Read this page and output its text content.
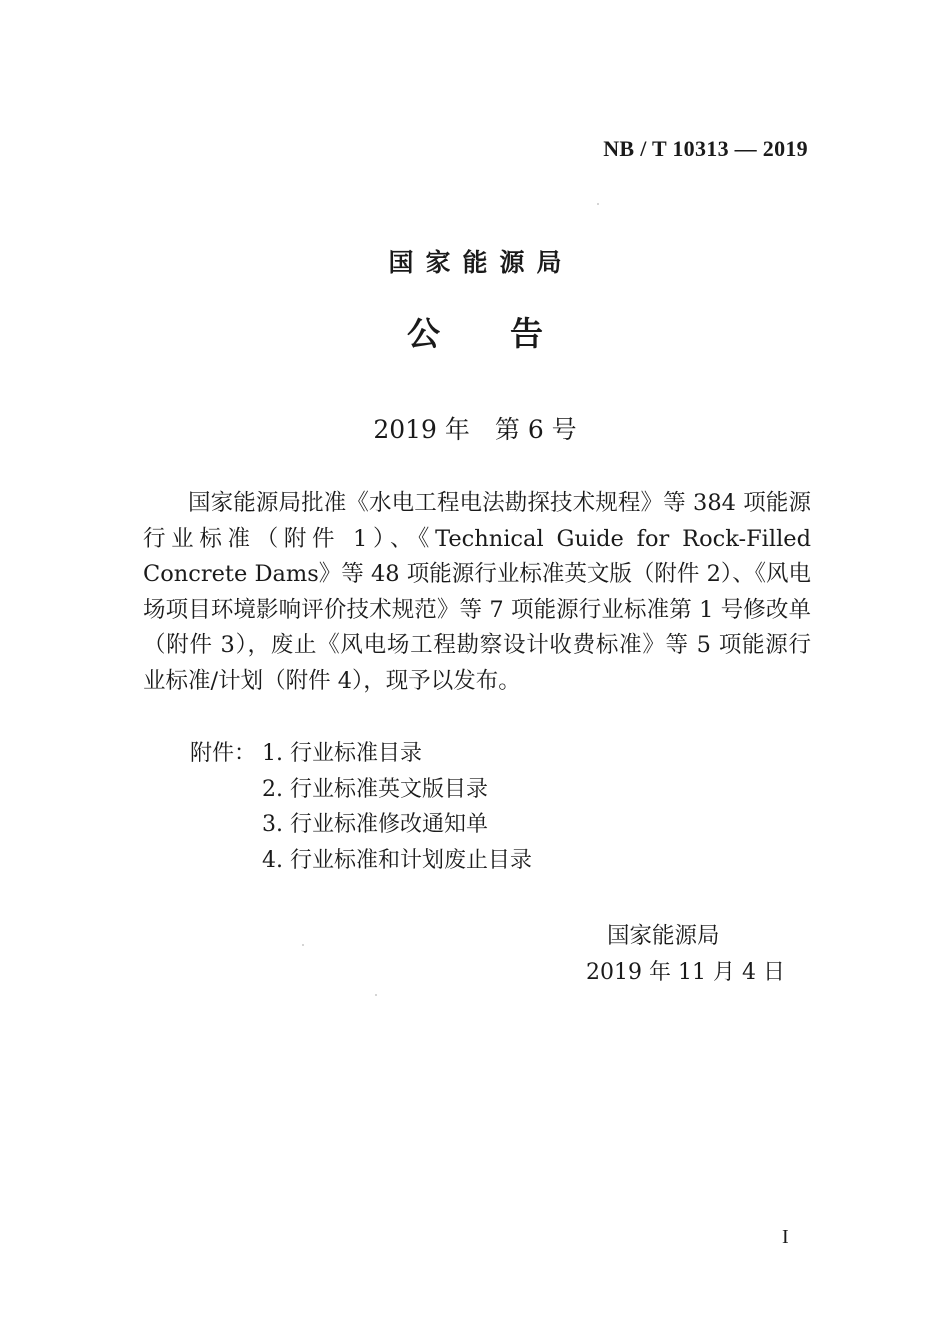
NB / T 10313 — 2019
国家能源局
公告
2019 年　第 6 号

国家能源局批准《水电工程电法勘探技术规程》等 384 项能源行业标准（附件 1）、《Technical Guide for Rock-Filled Concrete Dams》等 48 项能源行业标准英文版（附件 2）、《风电场项目环境影响评价技术规范》等 7 项能源行业标准第 1 号修改单（附件 3），废止《风电场工程勘察设计收费标准》等 5 项能源行业标准/计划（附件 4），现予以发布。

附件： 1. 行业标准目录
2. 行业标准英文版目录
3. 行业标准修改通知单
4. 行业标准和计划废止目录
国家能源局
2019 年 11 月 4 日
I
